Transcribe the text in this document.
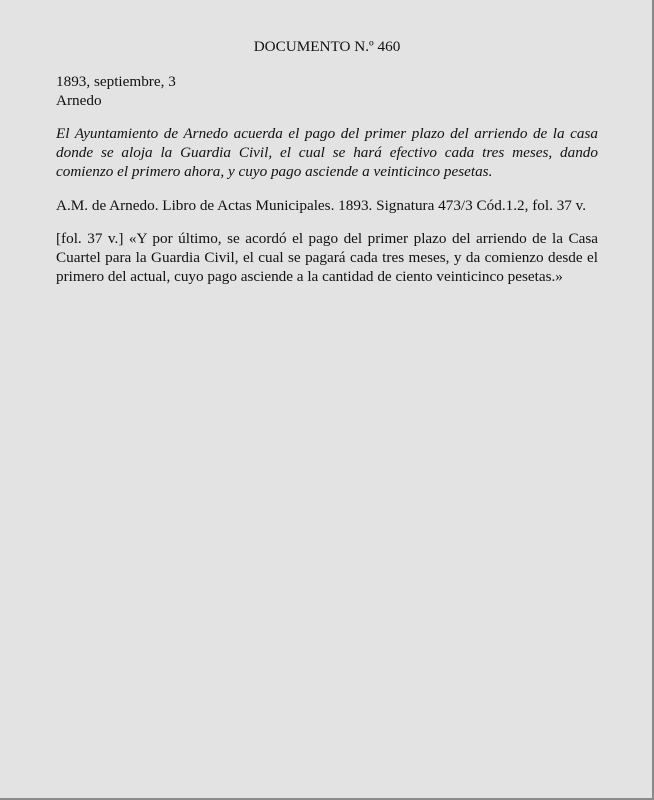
DOCUMENTO N.º 460
1893, septiembre, 3
Arnedo

El Ayuntamiento de Arnedo acuerda el pago del primer plazo del arriendo de la casa donde se aloja la Guardia Civil, el cual se hará efectivo cada tres meses, dando comienzo el primero ahora, y cuyo pago asciende a veinticinco pesetas.

A.M. de Arnedo. Libro de Actas Municipales. 1893. Signatura 473/3 Cód.1.2, fol. 37 v.

[fol. 37 v.] «Y por último, se acordó el pago del primer plazo del arriendo de la Casa Cuartel para la Guardia Civil, el cual se pagará cada tres meses, y da comienzo desde el primero del actual, cuyo pago asciende a la cantidad de ciento veinticinco pesetas.»
